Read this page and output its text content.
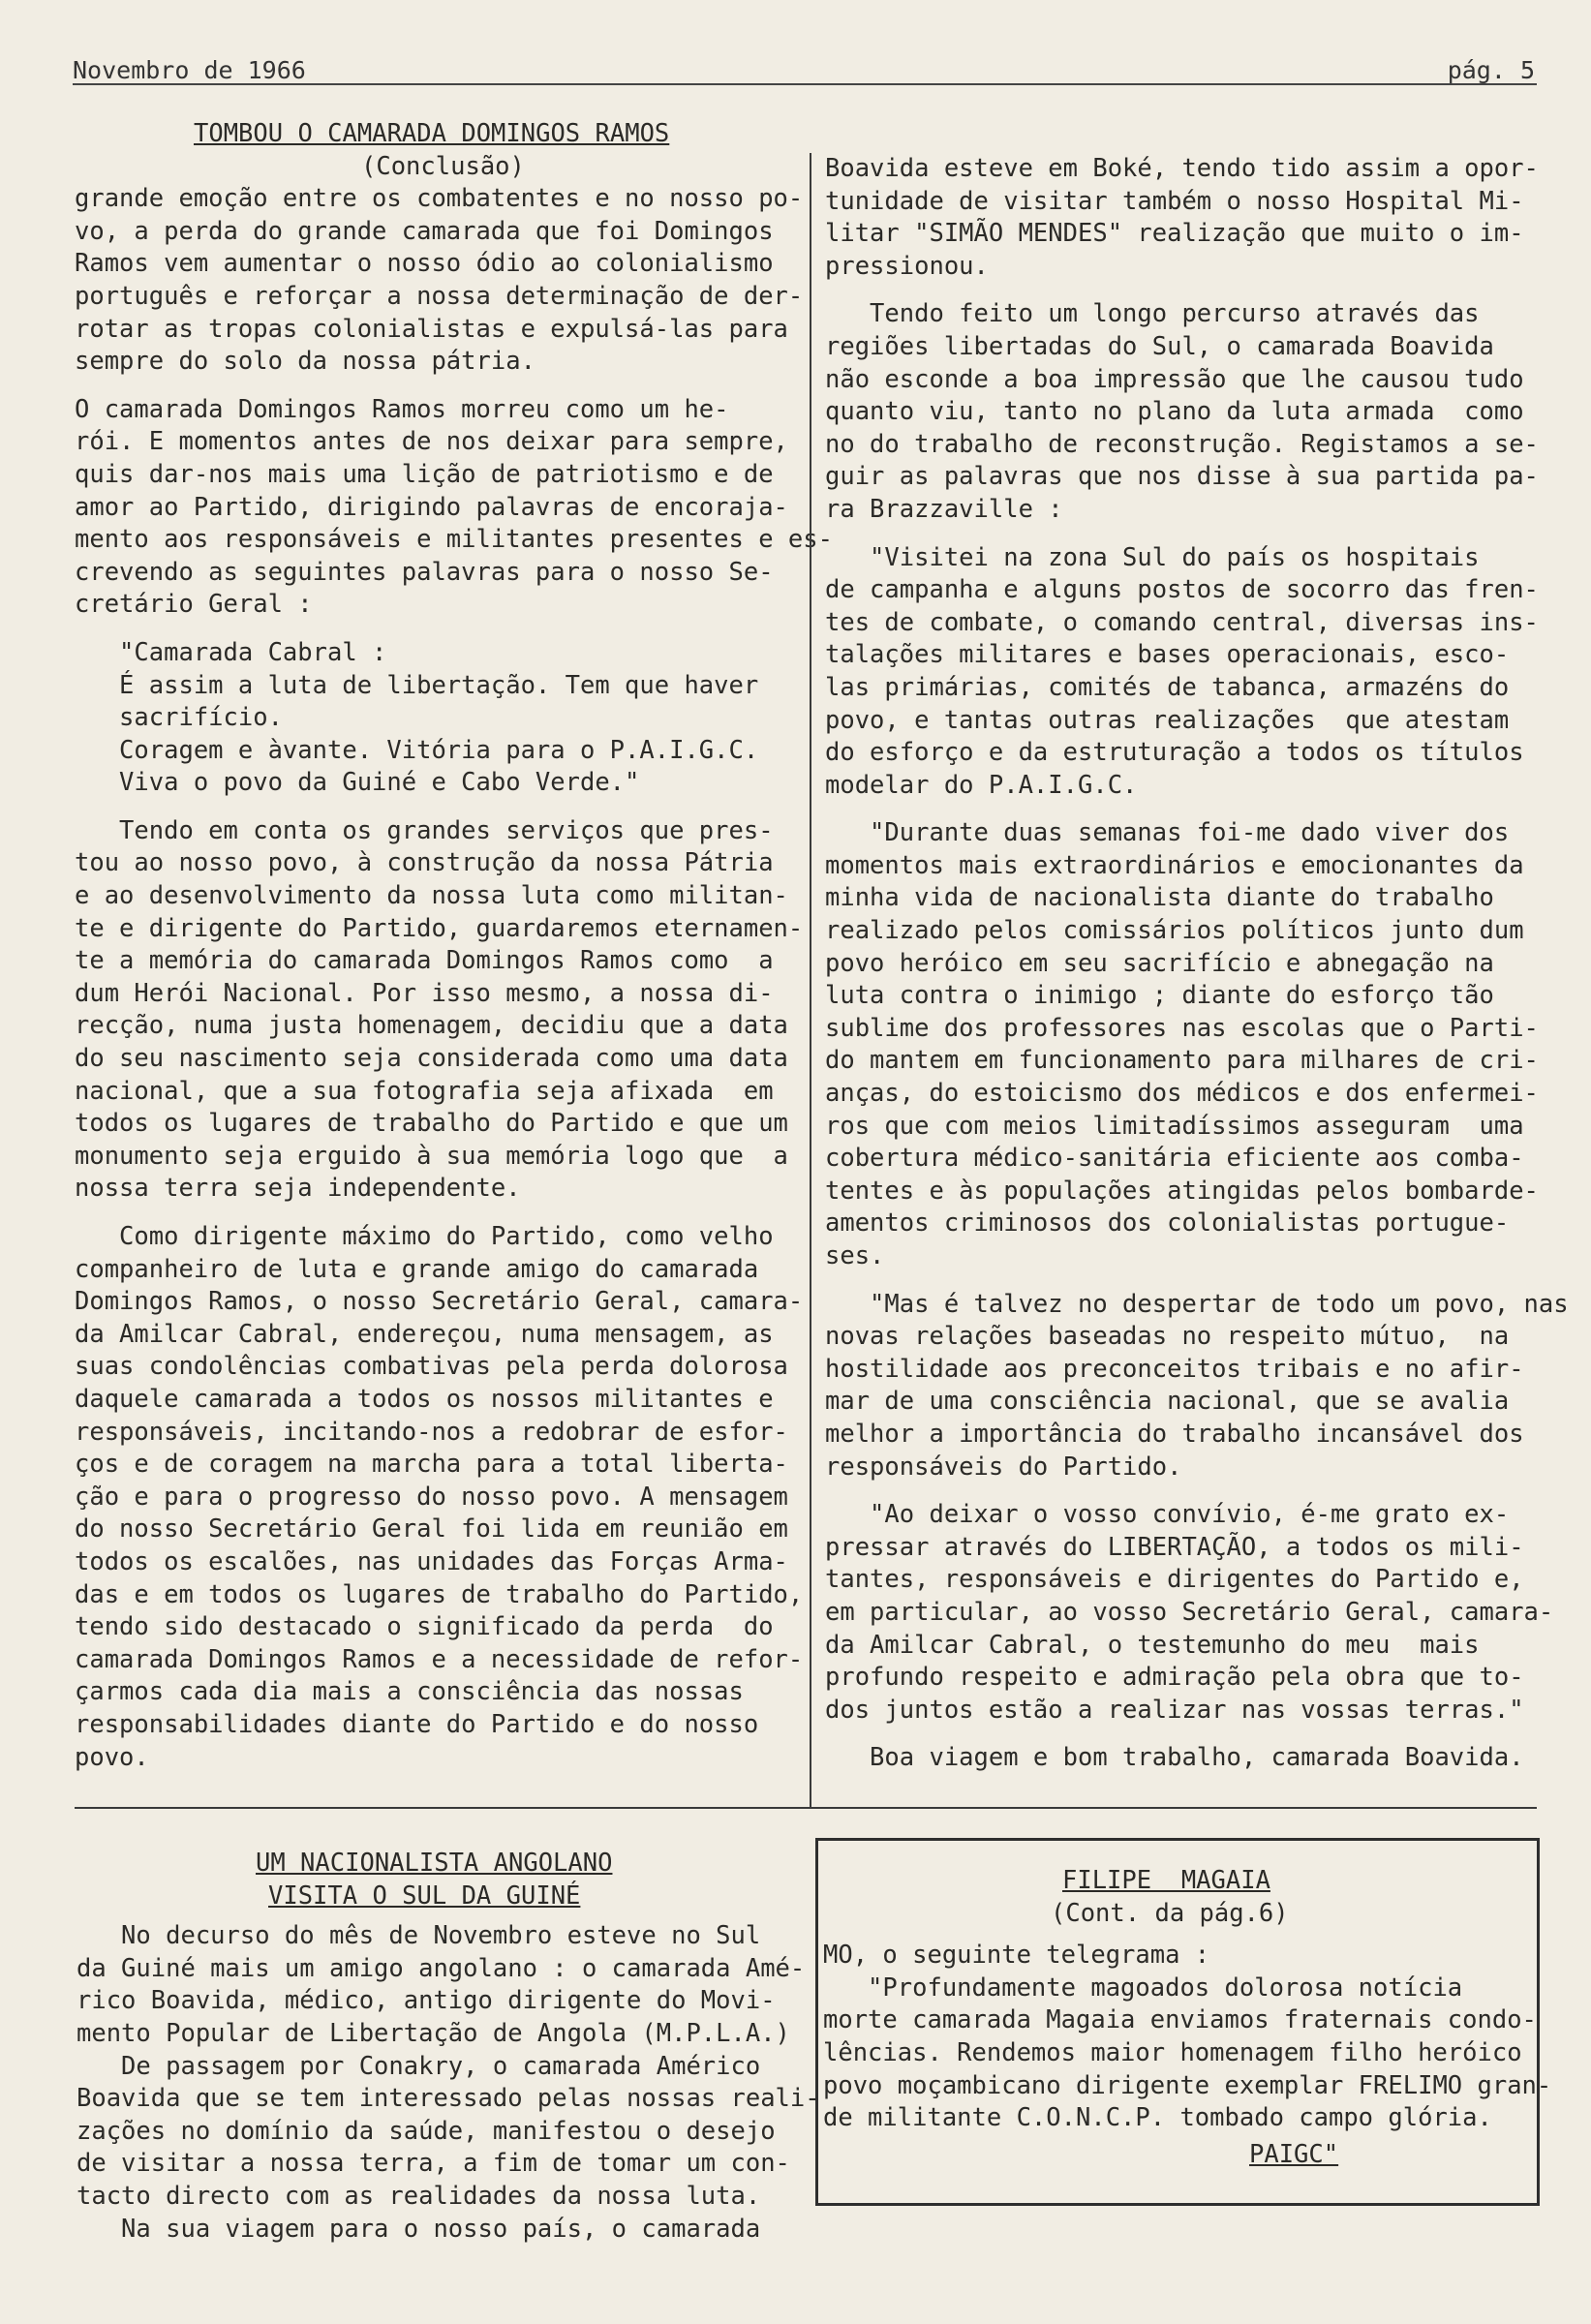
Novembro de 1966	pág. 5

TOMBOU O CAMARADA DOMINGOS RAMOS

(Conclusão)

grande emoção entre os combatentes e no nosso po-

vo, a perda do grande camarada que foi Domingos

Ramos vem aumentar o nosso ódio ao colonialismo

português e reforçar a nossa determinação de der-

rotar as tropas colonialistas e expulsá-las para

sempre do solo da nossa pátria.

O camarada Domingos Ramos morreu como um he-

rói. E momentos antes de nos deixar para sempre,

quis dar-nos mais uma lição de patriotismo e de

amor ao Partido, dirigindo palavras de encoraja-

mento aos responsáveis e militantes presentes e es-

crevendo as seguintes palavras para o nosso Se-

cretário Geral :

"Camarada Cabral :

É assim a luta de libertação. Tem que haver

sacrifício.

Coragem e àvante. Vitória para o P.A.I.G.C.

Viva o povo da Guiné e Cabo Verde."

Tendo em conta os grandes serviços que pres-

tou ao nosso povo, à construção da nossa Pátria

e ao desenvolvimento da nossa luta como militan-

te e dirigente do Partido, guardaremos eternamen-

te a memória do camarada Domingos Ramos como  a

dum Herói Nacional. Por isso mesmo, a nossa di-

recção, numa justa homenagem, decidiu que a data

do seu nascimento seja considerada como uma data

nacional, que a sua fotografia seja afixada  em

todos os lugares de trabalho do Partido e que um

monumento seja erguido à sua memória logo que  a

nossa terra seja independente.

Como dirigente máximo do Partido, como velho

companheiro de luta e grande amigo do camarada

Domingos Ramos, o nosso Secretário Geral, camara-

da Amilcar Cabral, endereçou, numa mensagem, as

suas condolências combativas pela perda dolorosa

daquele camarada a todos os nossos militantes e

responsáveis, incitando-nos a redobrar de esfor-

ços e de coragem na marcha para a total liberta-

ção e para o progresso do nosso povo. A mensagem

do nosso Secretário Geral foi lida em reunião em

todos os escalões, nas unidades das Forças Arma-

das e em todos os lugares de trabalho do Partido,

tendo sido destacado o significado da perda  do

camarada Domingos Ramos e a necessidade de refor-

çarmos cada dia mais a consciência das nossas

responsabilidades diante do Partido e do nosso

povo.

Boavida esteve em Boké, tendo tido assim a opor-

tunidade de visitar também o nosso Hospital Mi-

litar "SIMÃO MENDES" realização que muito o im-

pressionou.

Tendo feito um longo percurso através das

regiões libertadas do Sul, o camarada Boavida

não esconde a boa impressão que lhe causou tudo

quanto viu, tanto no plano da luta armada  como

no do trabalho de reconstrução. Registamos a se-

guir as palavras que nos disse à sua partida pa-

ra Brazzaville :

"Visitei na zona Sul do país os hospitais

de campanha e alguns postos de socorro das fren-

tes de combate, o comando central, diversas ins-

talações militares e bases operacionais, esco-

las primárias, comités de tabanca, armazéns do

povo, e tantas outras realizações  que atestam

do esforço e da estruturação a todos os títulos

modelar do P.A.I.G.C.

"Durante duas semanas foi-me dado viver dos

momentos mais extraordinários e emocionantes da

minha vida de nacionalista diante do trabalho

realizado pelos comissários políticos junto dum

povo heróico em seu sacrifício e abnegação na

luta contra o inimigo ; diante do esforço tão

sublime dos professores nas escolas que o Parti-

do mantem em funcionamento para milhares de cri-

anças, do estoicismo dos médicos e dos enfermei-

ros que com meios limitadíssimos asseguram  uma

cobertura médico-sanitária eficiente aos comba-

tentes e às populações atingidas pelos bombarde-

amentos criminosos dos colonialistas portugue-

ses.

"Mas é talvez no despertar de todo um povo, nas

novas relações baseadas no respeito mútuo,  na

hostilidade aos preconceitos tribais e no afir-

mar de uma consciência nacional, que se avalia

melhor a importância do trabalho incansável dos

responsáveis do Partido.

"Ao deixar o vosso convívio, é-me grato ex-

pressar através do LIBERTAÇÃO, a todos os mili-

tantes, responsáveis e dirigentes do Partido e,

em particular, ao vosso Secretário Geral, camara-

da Amilcar Cabral, o testemunho do meu  mais

profundo respeito e admiração pela obra que to-

dos juntos estão a realizar nas vossas terras."

Boa viagem e bom trabalho, camarada Boavida.

UM NACIONALISTA ANGOLANO

VISITA O SUL DA GUINÉ

No decurso do mês de Novembro esteve no Sul

da Guiné mais um amigo angolano : o camarada Amé-

rico Boavida, médico, antigo dirigente do Movi-

mento Popular de Libertação de Angola (M.P.L.A.)

De passagem por Conakry, o camarada Américo

Boavida que se tem interessado pelas nossas reali-

zações no domínio da saúde, manifestou o desejo

de visitar a nossa terra, a fim de tomar um con-

tacto directo com as realidades da nossa luta.

Na sua viagem para o nosso país, o camarada

FILIPE  MAGAIA

(Cont. da pág.6)

MO, o seguinte telegrama :

"Profundamente magoados dolorosa notícia

morte camarada Magaia enviamos fraternais condo-

lências. Rendemos maior homenagem filho heróico

povo moçambicano dirigente exemplar FRELIMO gran-

de militante C.O.N.C.P. tombado campo glória.

PAIGC"
